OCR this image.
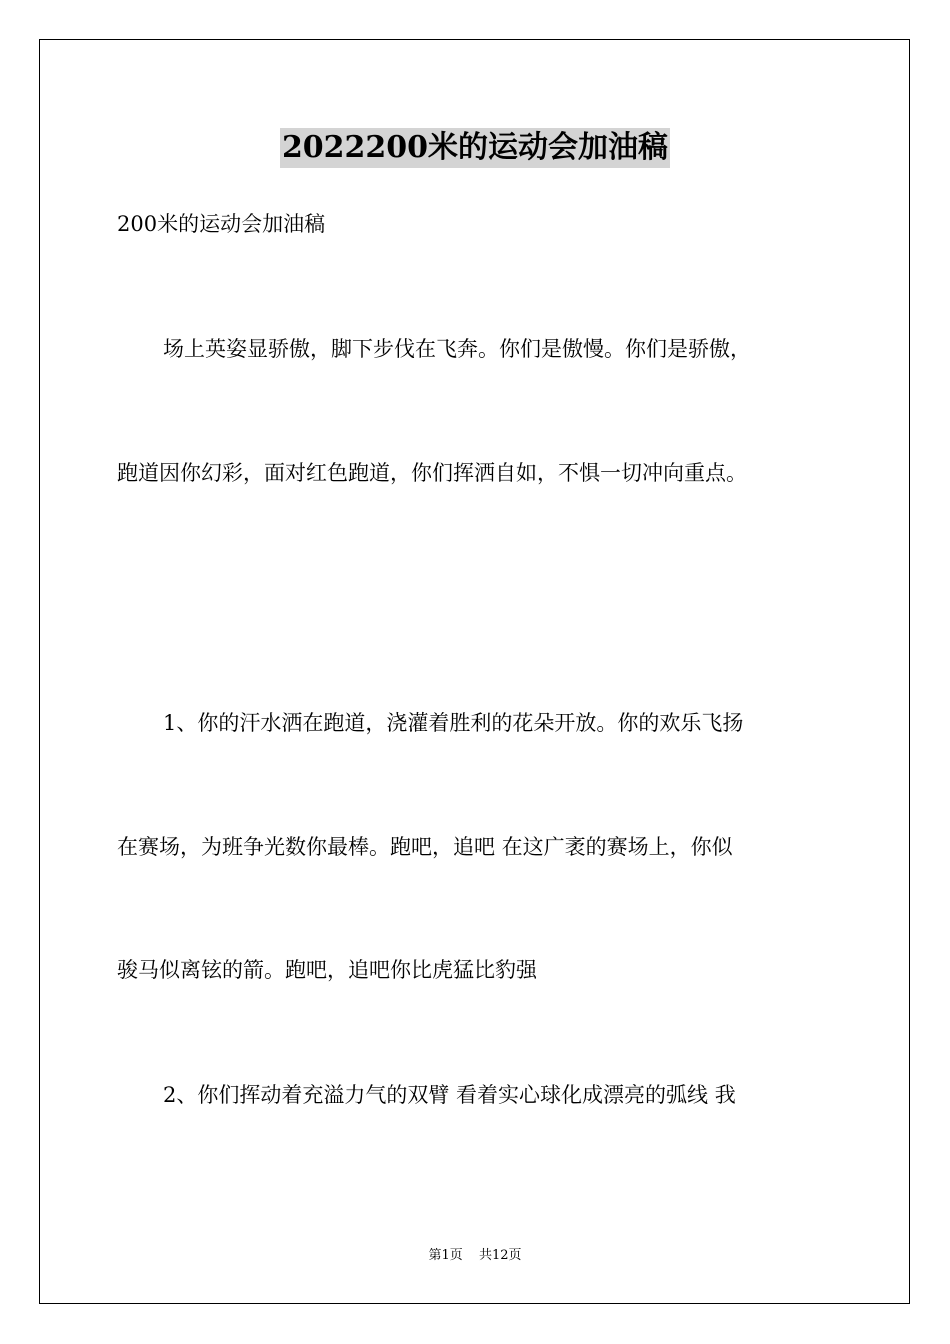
2022200米的运动会加油稿
200米的运动会加油稿
场上英姿显骄傲，脚下步伐在飞奔。你们是傲慢。你们是骄傲，
跑道因你幻彩，面对红色跑道，你们挥洒自如，不惧一切冲向重点。
1、你的汗水洒在跑道，浇灌着胜利的花朵开放。你的欢乐飞扬
在赛场，为班争光数你最棒。跑吧，追吧 在这广袤的赛场上，你似
骏马似离铉的箭。跑吧，追吧你比虎猛比豹强
2、你们挥动着充溢力气的双臂 看着实心球化成漂亮的弧线 我
第1页 共12页
